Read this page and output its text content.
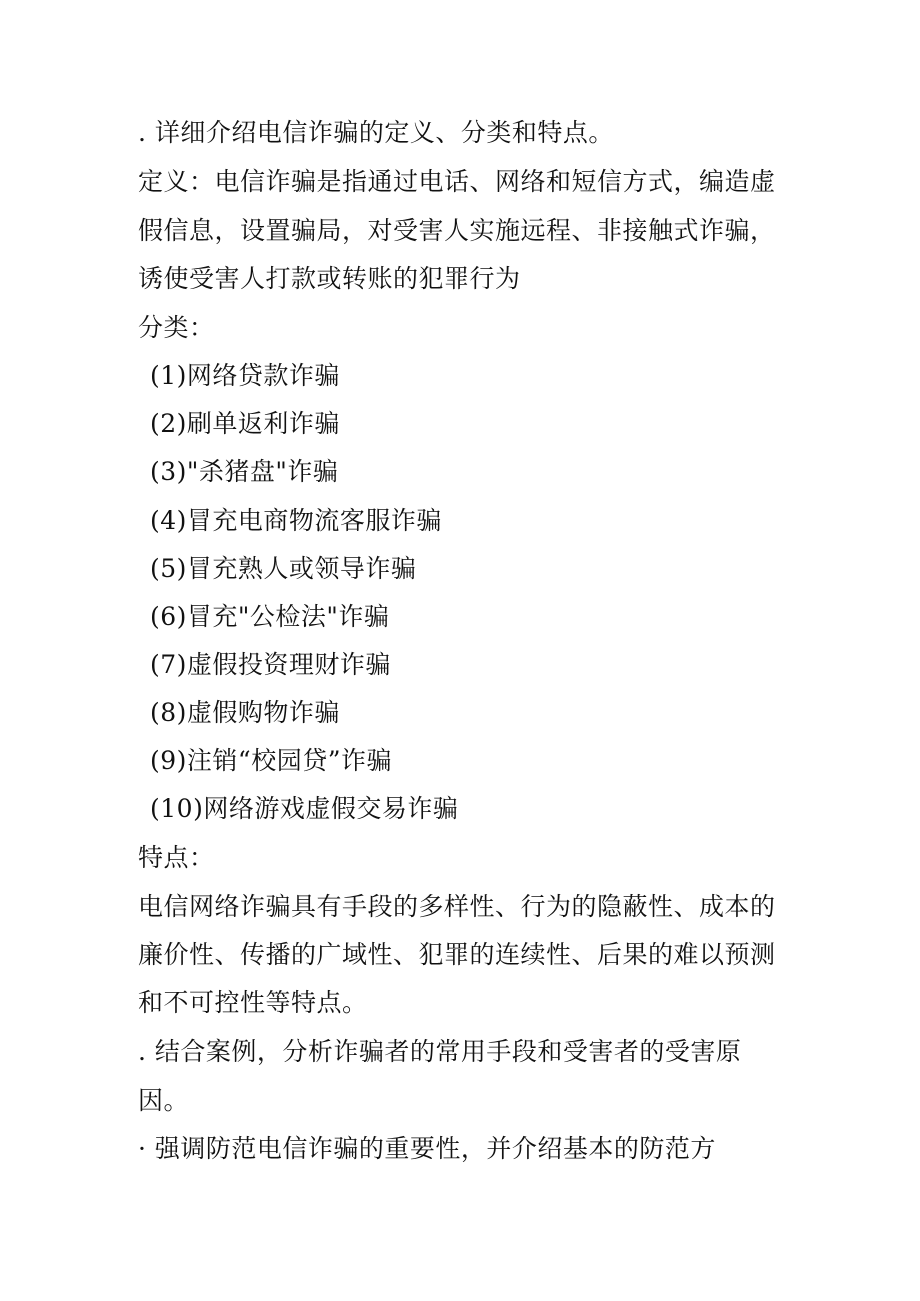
. 详细介绍电信诈骗的定义、分类和特点。
定义：电信诈骗是指通过电话、网络和短信方式，编造虚
假信息，设置骗局，对受害人实施远程、非接触式诈骗，
诱使受害人打款或转账的犯罪行为
分类：
(1)网络贷款诈骗
(2)刷单返利诈骗
(3)"杀猪盘"诈骗
(4)冒充电商物流客服诈骗
(5)冒充熟人或领导诈骗
(6)冒充"公检法"诈骗
(7)虚假投资理财诈骗
(8)虚假购物诈骗
(9)注销“校园贷”诈骗
(10)网络游戏虚假交易诈骗
特点：
电信网络诈骗具有手段的多样性、行为的隐蔽性、成本的
廉价性、传播的广域性、犯罪的连续性、后果的难以预测
和不可控性等特点。
. 结合案例，分析诈骗者的常用手段和受害者的受害原
因。
· 强调防范电信诈骗的重要性，并介绍基本的防范方
